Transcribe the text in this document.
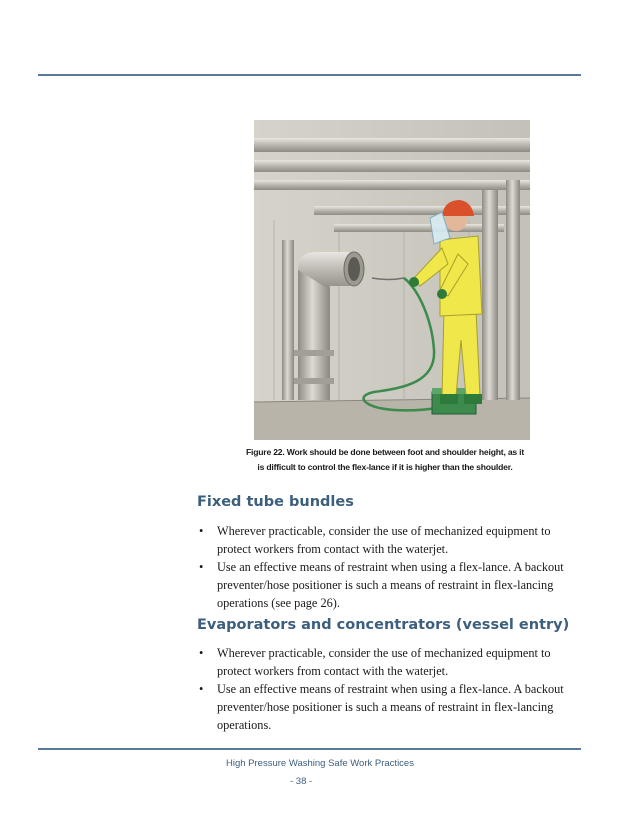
Figure 22. Work should be done between foot and shoulder height, as it
is difficult to control the flex-lance if it is higher than the shoulder.
Fixed tube bundles
• Wherever practicable, consider the use of mechanized equipment to
protect workers from contact with the waterjet.
• Use an effective means of restraint when using a flex-lance. A backout
preventer/hose positioner is such a means of restraint in flex-lancing
operations (see page 26).
Evaporators and concentrators (vessel entry)
• Wherever practicable, consider the use of mechanized equipment to
protect workers from contact with the waterjet.
• Use an effective means of restraint when using a flex-lance. A backout
preventer/hose positioner is such a means of restraint in flex-lancing
operations.
High Pressure Washing Safe Work Practices
- 38 -
